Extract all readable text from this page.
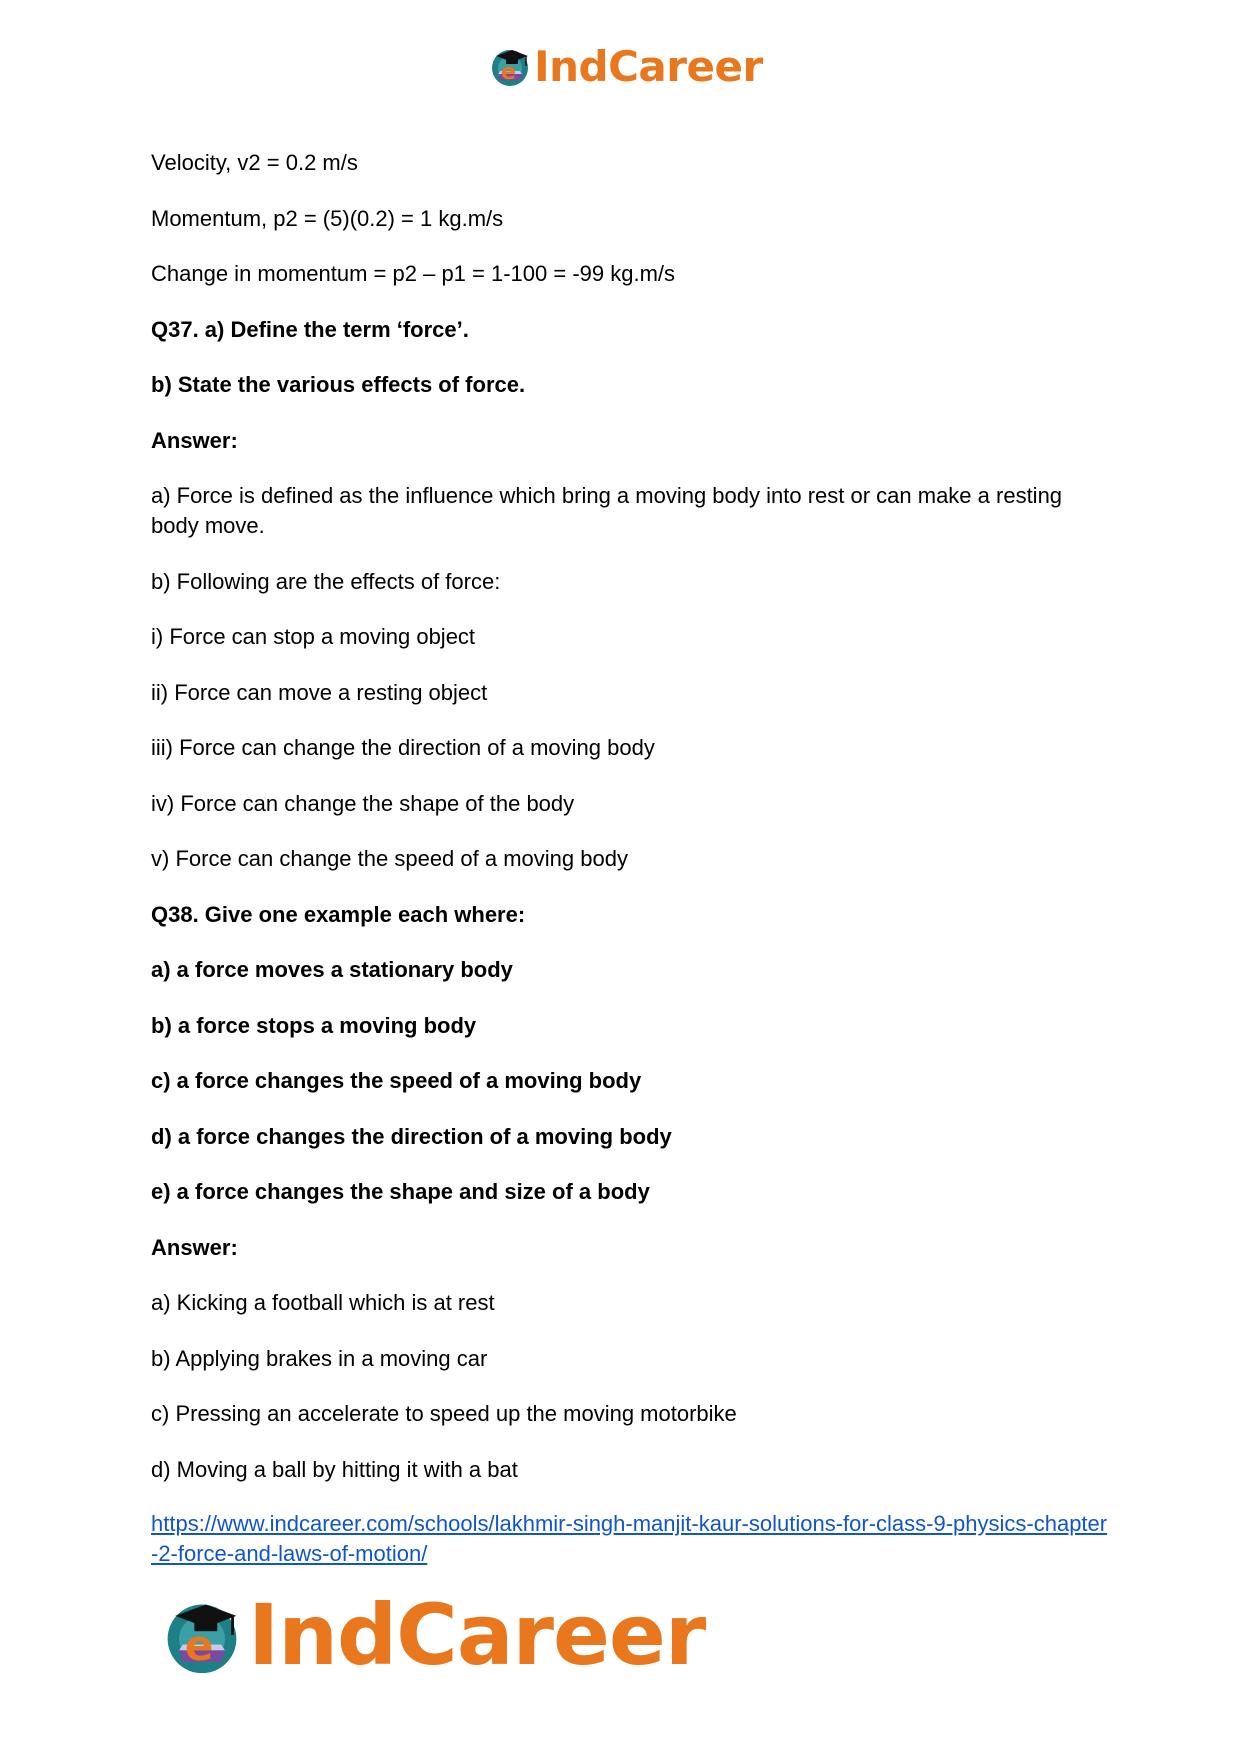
e IndCareer

Velocity, v2 = 0.2 m/s

Momentum, p2 = (5)(0.2) = 1 kg.m/s

Change in momentum = p2 – p1 = 1-100 = -99 kg.m/s

Q37. a) Define the term ‘force’.

b) State the various effects of force.

Answer:

a) Force is defined as the influence which bring a moving body into rest or can make a resting body move.

b) Following are the effects of force:

i) Force can stop a moving object

ii) Force can move a resting object

iii) Force can change the direction of a moving body

iv) Force can change the shape of the body

v) Force can change the speed of a moving body

Q38. Give one example each where:

a) a force moves a stationary body

b) a force stops a moving body

c) a force changes the speed of a moving body

d) a force changes the direction of a moving body

e) a force changes the shape and size of a body

Answer:

a) Kicking a football which is at rest

b) Applying brakes in a moving car

c) Pressing an accelerate to speed up the moving motorbike

d) Moving a ball by hitting it with a bat

https://www.indcareer.com/schools/lakhmir-singh-manjit-kaur-solutions-for-class-9-physics-chapter-2-force-and-laws-of-motion/
e IndCareer
